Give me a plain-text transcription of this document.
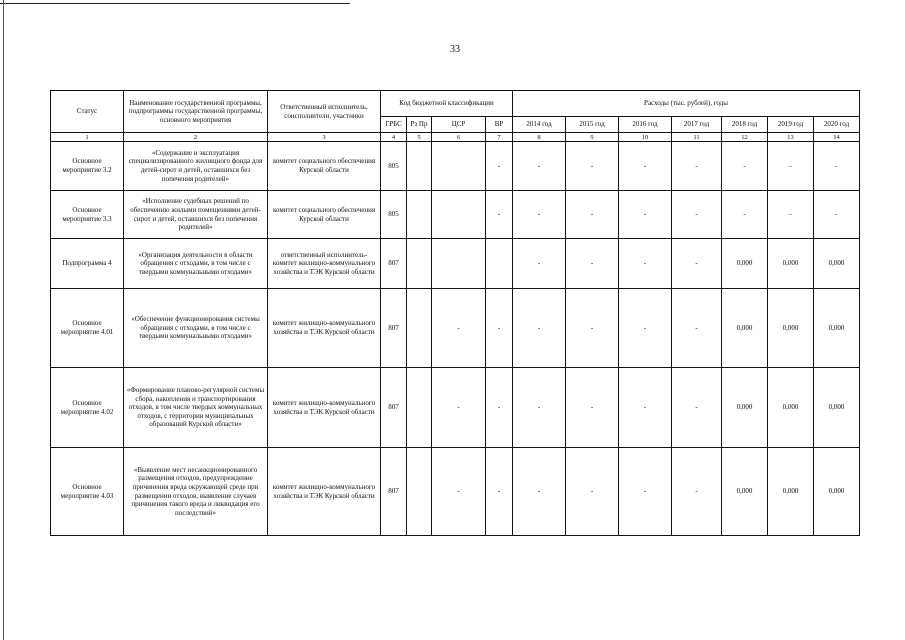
33
Статус	Наименование государственной программы, подпрограммы государственной программы, основного мероприятия	Ответственный исполнитель, соисполнители, участники	Код бюджетной классификации				Расходы (тыс. рублей), годы						
			ГРБС	Рз Пр	ЦСР	ВР	2014 год	2015 год	2016 год	2017 год	2018 год	2019 год	2020 год
1	2	3	4	5	6	7	8	9	10	11	12	13	14
Основное мероприятие 3.2	«Содержание и эксплуатация специализированного жилищного фонда для детей-сирот и детей, оставшихся без попечения родителей»	комитет социального обеспечения Курской области	805			-	-	-	-	-	-	-	-
Основное мероприятие 3.3	«Исполнение судебных решений по обеспечению жилыми помещениями детей-сирот и детей, оставшихся без попечения родителей»	комитет социального обеспечения Курской области	805			-	-	-	-	-	-	-	-
Подпрограмма 4	«Организация деятельности в области обращения с отходами, в том числе с твердыми коммунальными отходами»	ответственный исполнитель- комитет жилищно-коммунального хозяйства и ТЭК Курской области	807				-	-	-	-	0,000	0,000	0,000
Основное мероприятие 4.01	«Обеспечение функционирования системы обращения с отходами, в том числе с твердыми коммунальными отходами»	комитет жилищно-коммунального хозяйства и ТЭК Курской области	807		-	-	-	-	-	-	0,000	0,000	0,000
Основное мероприятие 4.02	«Формирование планово-регулярной системы сбора, накопления и транспортирования отходов, в том числе твердых коммунальных отходов, с территории муниципальных образований Курской области»	комитет жилищно-коммунального хозяйства и ТЭК Курской области	807		-	-	-	-	-	-	0,000	0,000	0,000
Основное мероприятие 4.03	«Выявление мест несанкционированного размещения отходов, предупреждение причинения вреда окружающей среде при размещении отходов, выявление случаев причинения такого вреда и ликвидация его последствий»	комитет жилищно-коммунального хозяйства и ТЭК Курской области	807		-	-	-	-	-	-	0,000	0,000	0,000
